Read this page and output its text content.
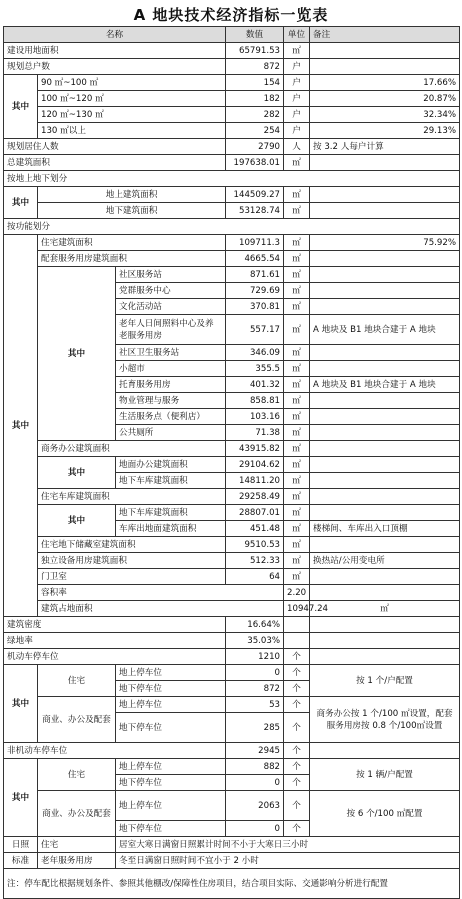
A 地块技术经济指标一览表
名称			数值	单位	备注	
建设用地面积			65791.53	㎡		
规划总户数			872	户		
其中	90 ㎡~100 ㎡		154	户	17.66%	
	100 ㎡~120 ㎡		182	户	20.87%	
	120 ㎡~130 ㎡		282	户	32.34%	
	130 ㎡以上		254	户	29.13%	
规划居住人数			2790	人	按 3.2 人每户计算	
总建筑面积			197638.01	㎡		
按地上地下划分						
其中	地上建筑面积		144509.27	㎡		
	地下建筑面积		53128.74	㎡		
按功能划分						
其中	住宅建筑面积		109711.3	㎡	75.92%	
	配套服务用房建筑面积		4665.54	㎡		
	其中	社区服务站	871.61	㎡		
		党群服务中心	729.69	㎡		
		文化活动站	370.81	㎡		
		老年人日间照料中心及养老服务用房	557.17	㎡	A 地块及 B1 地块合建于 A 地块	
		社区卫生服务站	346.09	㎡		
		小超市	355.5	㎡		
		托育服务用房	401.32	㎡	A 地块及 B1 地块合建于 A 地块	
		物业管理与服务	858.81	㎡		
		生活服务点（便利店）	103.16	㎡		
		公共厕所	71.38	㎡		
	商务办公建筑面积		43915.82	㎡		
	其中	地面办公建筑面积	29104.62	㎡		
		地下车库建筑面积	14811.20	㎡		
	住宅车库建筑面积		29258.49	㎡		
	其中	地下车库建筑面积	28807.01	㎡		
		车库出地面建筑面积	451.48	㎡	楼梯间、车库出入口顶棚	
	住宅地下储藏室建筑面积		9510.53	㎡		
	独立设备用房建筑面积		512.33	㎡	换热站/公用变电所	
	门卫室		64	㎡		
	容积率			2.20		
	建筑占地面积			10947.24	㎡	
建筑密度			16.64%			
绿地率			35.03%			
机动车停车位			1210	个		
其中	住宅	地上停车位	0	个	按 1 个/户配置	
		地下停车位	872	个		
	商业、办公及配套	地上停车位	53	个	商务办公按 1 个/100 ㎡设置，配套服务用房按 0.8 个/100㎡设置	
		地下停车位	285	个		
非机动车停车位			2945	个		
其中	住宅	地上停车位	882	个	按 1 辆/户配置	
		地下停车位	0	个		
	商业、办公及配套	地上停车位	2063	个	按 6 个/100 ㎡配置	
		地下停车位	0	个		
日照	住宅	居室大寒日满窗日照累计时间不小于大寒日三小时				
标准	老年服务用房	冬至日满窗日照时间不宜小于 2 小时				
注：停车配比根据规划条件、参照其他棚改/保障性住房项目，结合项目实际、交通影响分析进行配置						
